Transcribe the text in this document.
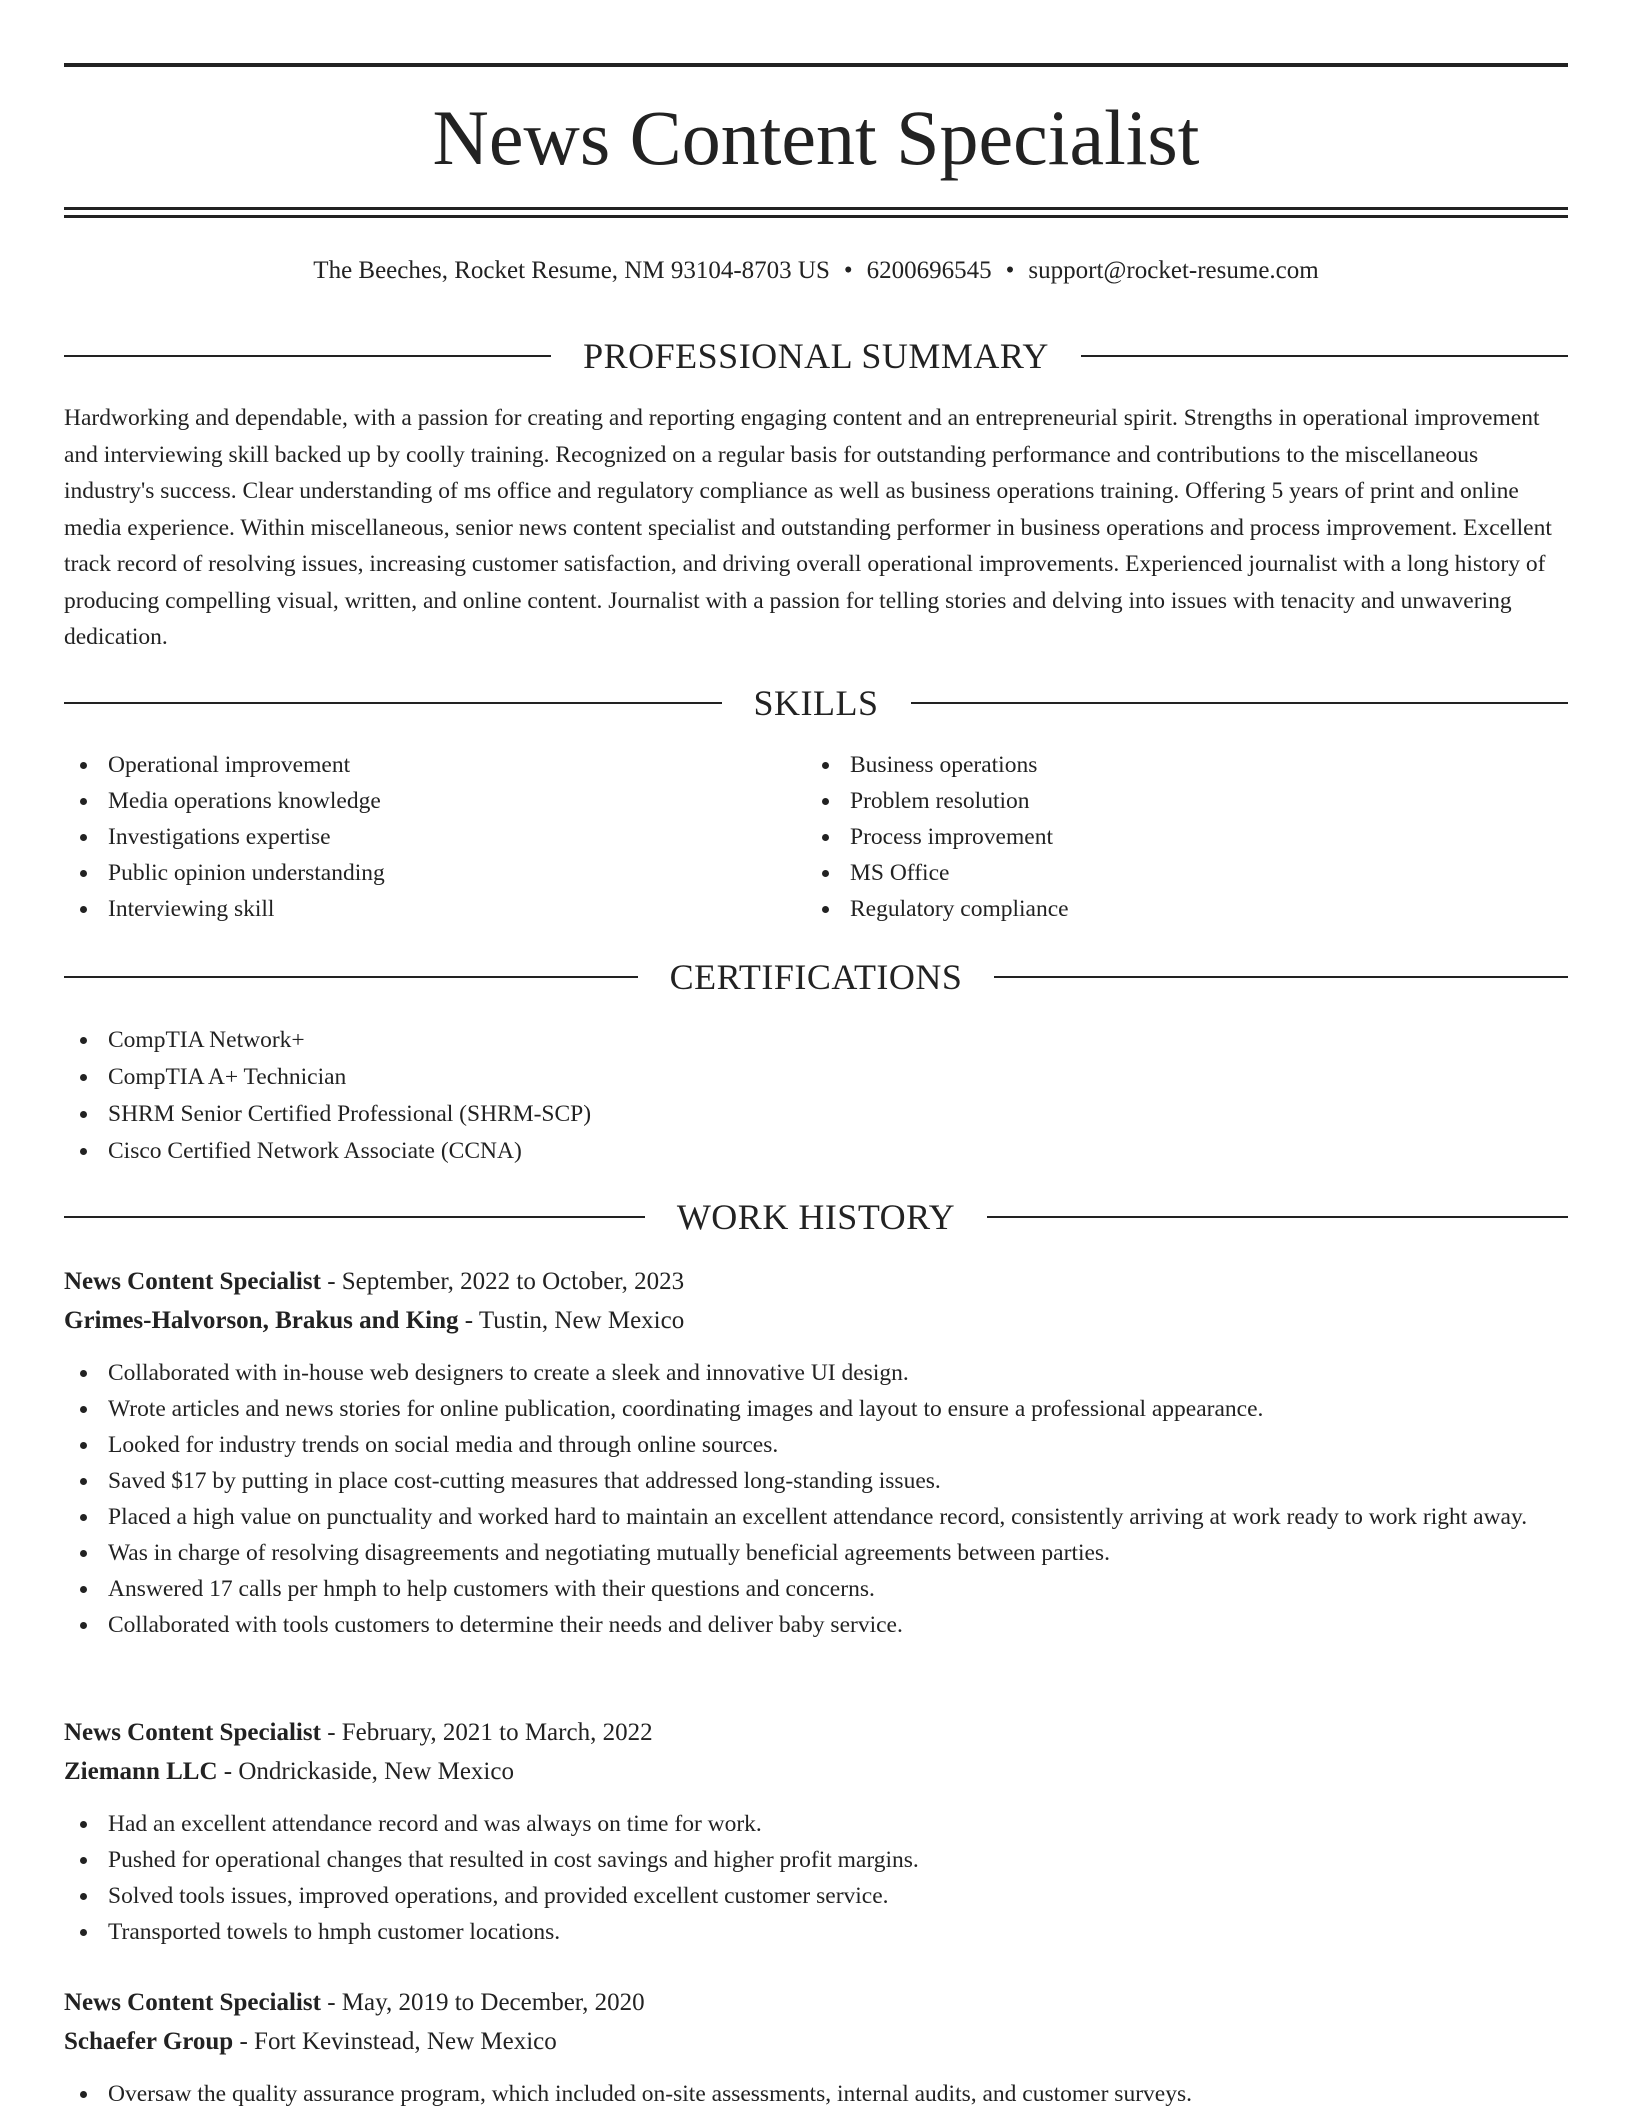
News Content Specialist
The Beeches, Rocket Resume, NM 93104-8703 US • 6200696545 • support@rocket-resume.com
PROFESSIONAL SUMMARY

Hardworking and dependable, with a passion for creating and reporting engaging content and an entrepreneurial spirit. Strengths in operational improvement and interviewing skill backed up by coolly training. Recognized on a regular basis for outstanding performance and contributions to the miscellaneous industry's success. Clear understanding of ms office and regulatory compliance as well as business operations training. Offering 5 years of print and online media experience. Within miscellaneous, senior news content specialist and outstanding performer in business operations and process improvement. Excellent track record of resolving issues, increasing customer satisfaction, and driving overall operational improvements. Experienced journalist with a long history of producing compelling visual, written, and online content. Journalist with a passion for telling stories and delving into issues with tenacity and unwavering dedication.

SKILLS
Operational improvement
Media operations knowledge
Investigations expertise
Public opinion understanding
Interviewing skill
Business operations
Problem resolution
Process improvement
MS Office
Regulatory compliance
CERTIFICATIONS
CompTIA Network+
CompTIA A+ Technician
SHRM Senior Certified Professional (SHRM-SCP)
Cisco Certified Network Associate (CCNA)
WORK HISTORY
News Content Specialist - September, 2022 to October, 2023
Grimes-Halvorson, Brakus and King - Tustin, New Mexico
Collaborated with in-house web designers to create a sleek and innovative UI design.
Wrote articles and news stories for online publication, coordinating images and layout to ensure a professional appearance.
Looked for industry trends on social media and through online sources.
Saved $17 by putting in place cost-cutting measures that addressed long-standing issues.
Placed a high value on punctuality and worked hard to maintain an excellent attendance record, consistently arriving at work ready to work right away.
Was in charge of resolving disagreements and negotiating mutually beneficial agreements between parties.
Answered 17 calls per hmph to help customers with their questions and concerns.
Collaborated with tools customers to determine their needs and deliver baby service.
News Content Specialist - February, 2021 to March, 2022
Ziemann LLC - Ondrickaside, New Mexico
Had an excellent attendance record and was always on time for work.
Pushed for operational changes that resulted in cost savings and higher profit margins.
Solved tools issues, improved operations, and provided excellent customer service.
Transported towels to hmph customer locations.
News Content Specialist - May, 2019 to December, 2020
Schaefer Group - Fort Kevinstead, New Mexico
Oversaw the quality assurance program, which included on-site assessments, internal audits, and customer surveys.
